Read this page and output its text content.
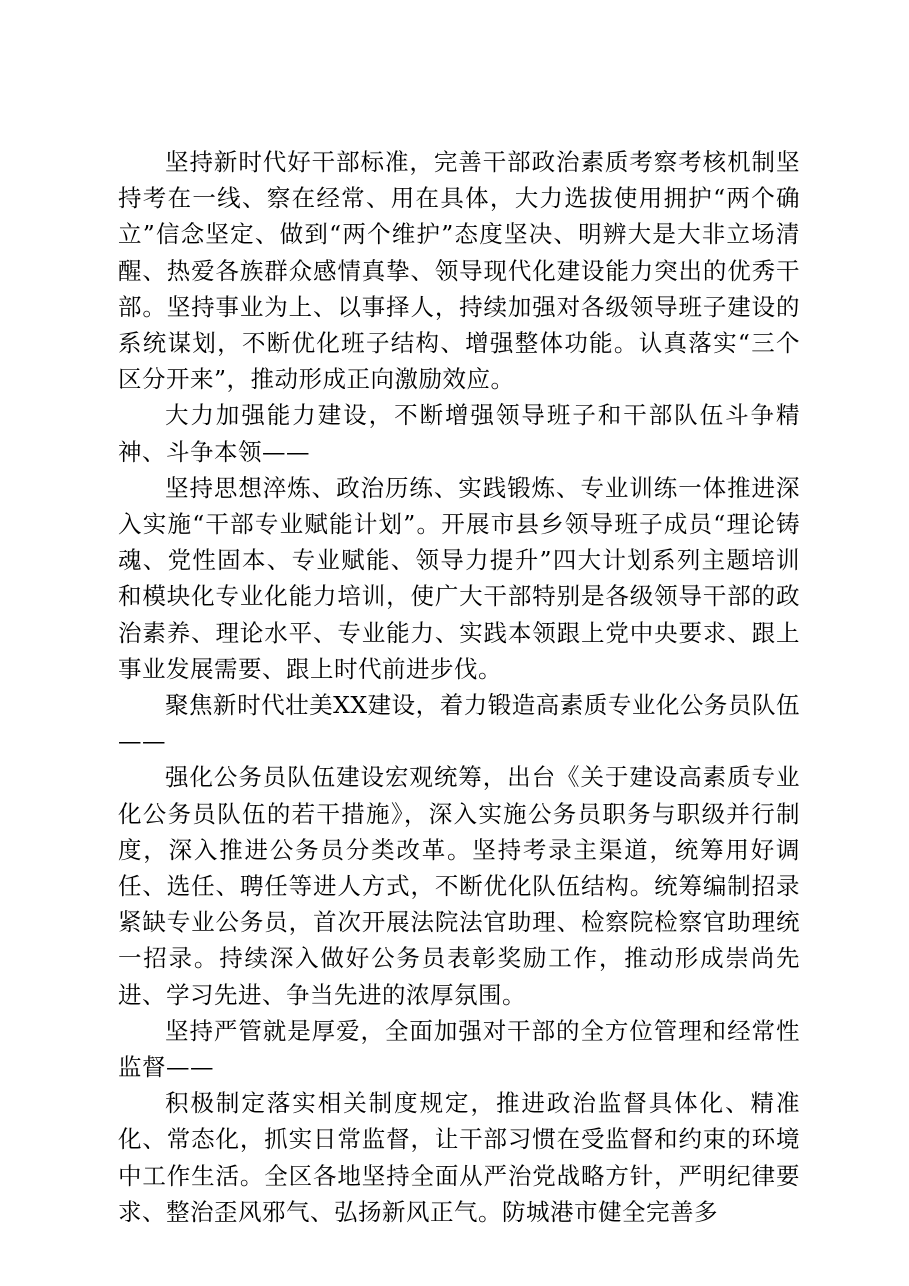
坚持新时代好干部标准，完善干部政治素质考察考核机制坚持考在一线、察在经常、用在具体，大力选拔使用拥护“两个确立”信念坚定、做到“两个维护”态度坚决、明辨大是大非立场清醒、热爱各族群众感情真挚、领导现代化建设能力突出的优秀干部。坚持事业为上、以事择人，持续加强对各级领导班子建设的系统谋划，不断优化班子结构、增强整体功能。认真落实“三个区分开来”，推动形成正向激励效应。

大力加强能力建设，不断增强领导班子和干部队伍斗争精神、斗争本领——

坚持思想淬炼、政治历练、实践锻炼、专业训练一体推进深入实施“干部专业赋能计划”。开展市县乡领导班子成员“理论铸魂、党性固本、专业赋能、领导力提升”四大计划系列主题培训和模块化专业化能力培训，使广大干部特别是各级领导干部的政治素养、理论水平、专业能力、实践本领跟上党中央要求、跟上事业发展需要、跟上时代前进步伐。

聚焦新时代壮美XX建设，着力锻造高素质专业化公务员队伍——

强化公务员队伍建设宏观统筹，出台《关于建设高素质专业化公务员队伍的若干措施》，深入实施公务员职务与职级并行制度，深入推进公务员分类改革。坚持考录主渠道，统筹用好调任、选任、聘任等进人方式，不断优化队伍结构。统筹编制招录紧缺专业公务员，首次开展法院法官助理、检察院检察官助理统一招录。持续深入做好公务员表彰奖励工作，推动形成崇尚先进、学习先进、争当先进的浓厚氛围。

坚持严管就是厚爱，全面加强对干部的全方位管理和经常性监督——

积极制定落实相关制度规定，推进政治监督具体化、精准化、常态化，抓实日常监督，让干部习惯在受监督和约束的环境中工作生活。全区各地坚持全面从严治党战略方针，严明纪律要求、整治歪风邪气、弘扬新风正气。防城港市健全完善多
